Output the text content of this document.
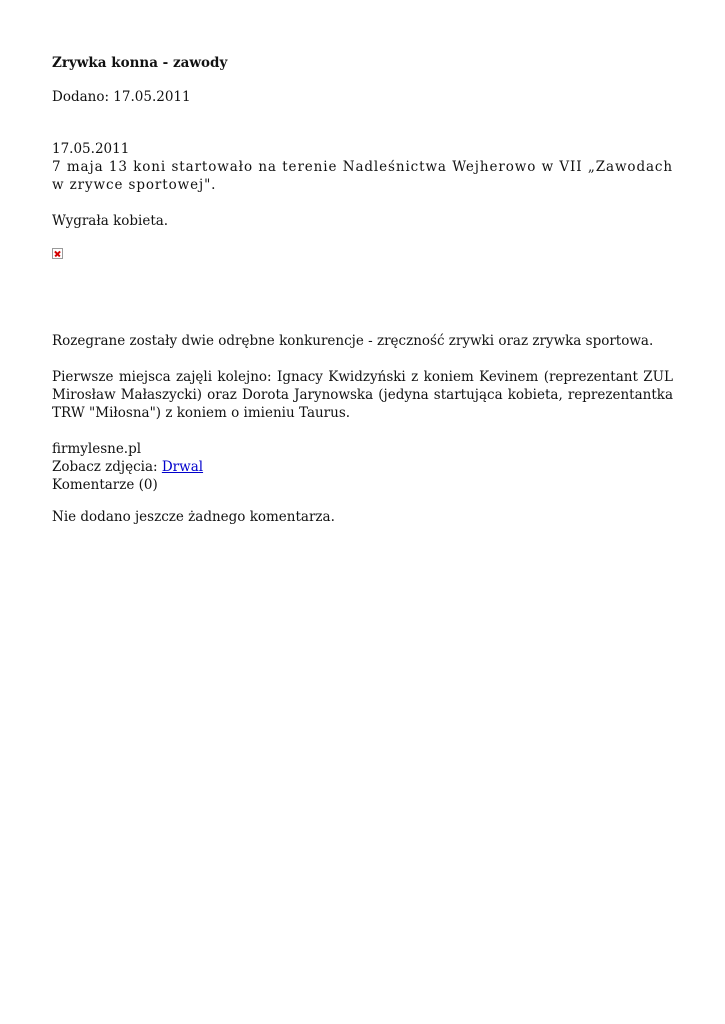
Zrywka konna - zawody
Dodano: 17.05.2011
17.05.2011
7 maja 13 koni startowało na terenie Nadleśnictwa Wejherowo w VII „Zawodach w zrywce sportowej".
Wygrała kobieta.
Rozegrane zostały dwie odrębne konkurencje - zręczność zrywki oraz zrywka sportowa.
Pierwsze miejsca zajęli kolejno: Ignacy Kwidzyński z koniem Kevinem (reprezentant ZUL Mirosław Małaszycki) oraz Dorota Jarynowska (jedyna startująca kobieta, reprezentantka TRW "Miłosna") z koniem o imieniu Taurus.
firmylesne.pl
Zobacz zdjęcia: Drwal
Komentarze (0)
Nie dodano jeszcze żadnego komentarza.
